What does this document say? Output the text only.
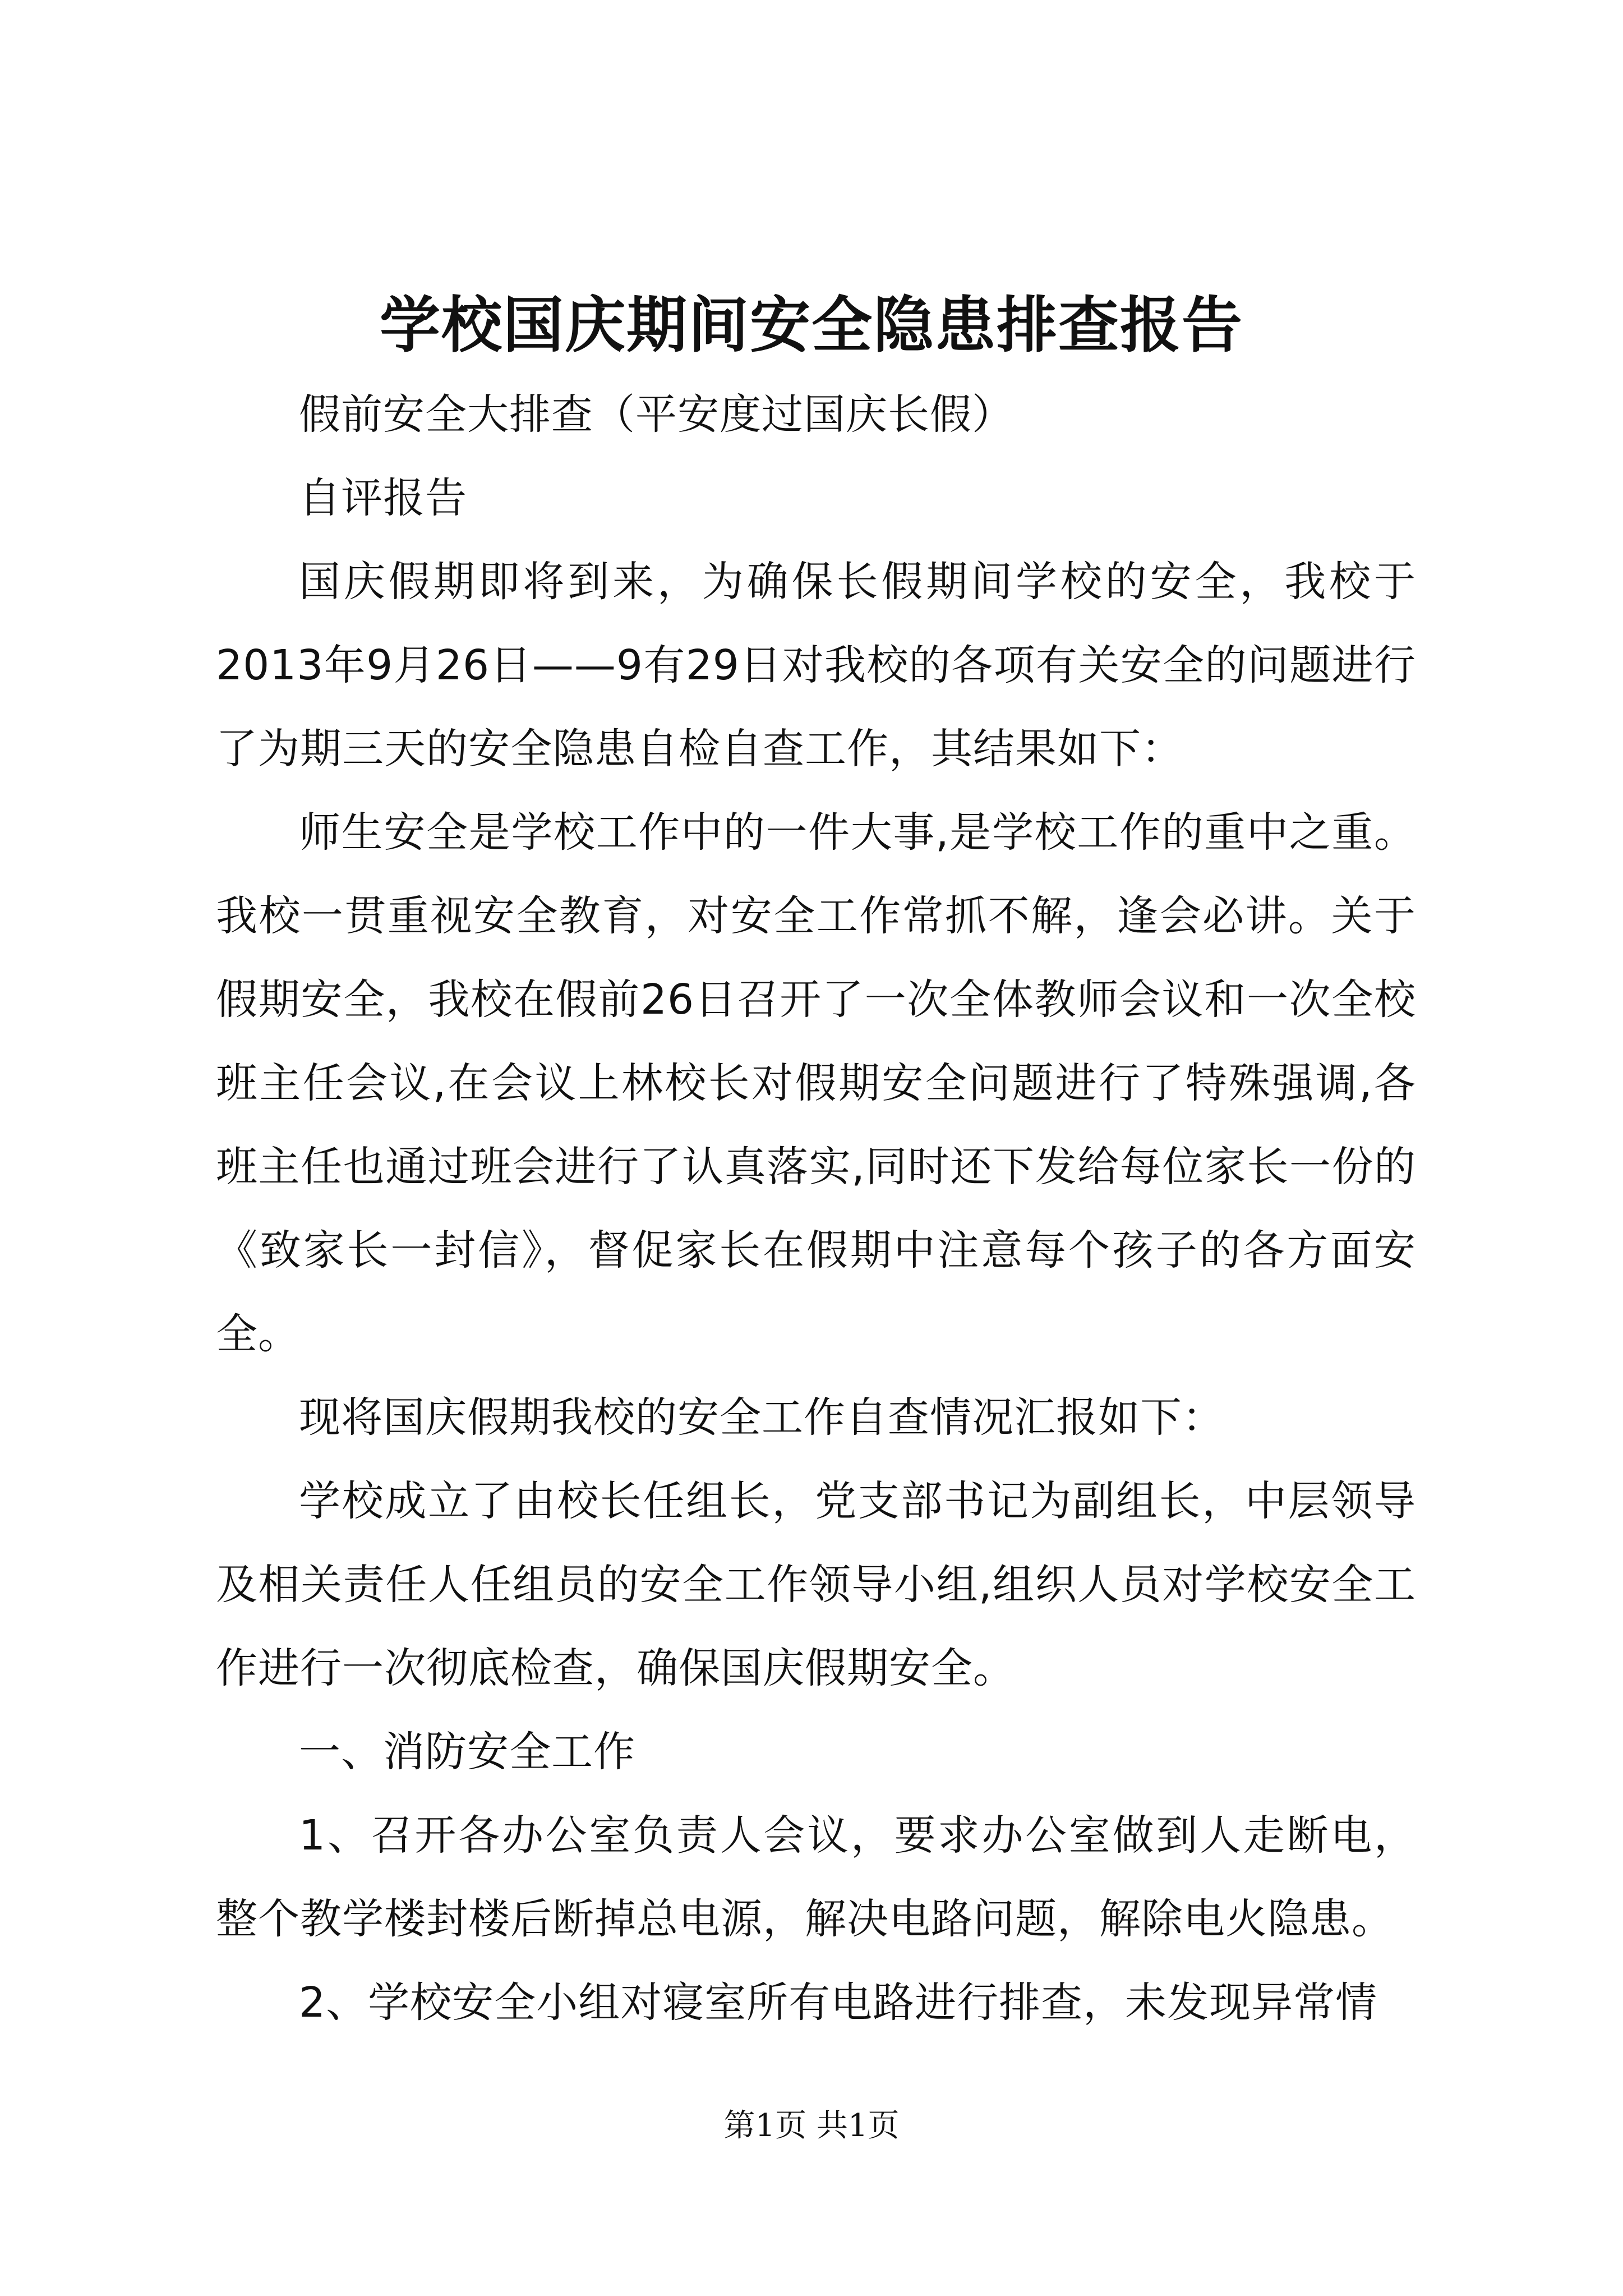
学校国庆期间安全隐患排查报告

假前安全大排查（平安度过国庆长假）

自评报告

国庆假期即将到来，为确保长假期间学校的安全，我校于2013年9月26日——9有29日对我校的各项有关安全的问题进行了为期三天的安全隐患自检自查工作，其结果如下：

师生安全是学校工作中的一件大事,是学校工作的重中之重。我校一贯重视安全教育，对安全工作常抓不解，逢会必讲。关于假期安全，我校在假前26日召开了一次全体教师会议和一次全校班主任会议,在会议上林校长对假期安全问题进行了特殊强调,各班主任也通过班会进行了认真落实,同时还下发给每位家长一份的《致家长一封信》，督促家长在假期中注意每个孩子的各方面安全。

现将国庆假期我校的安全工作自查情况汇报如下：

学校成立了由校长任组长，党支部书记为副组长，中层领导及相关责任人任组员的安全工作领导小组,组织人员对学校安全工作进行一次彻底检查，确保国庆假期安全。

一、消防安全工作

1、召开各办公室负责人会议，要求办公室做到人走断电，整个教学楼封楼后断掉总电源，解决电路问题，解除电火隐患。

2、学校安全小组对寝室所有电路进行排查，未发现异常情

第1页 共1页
